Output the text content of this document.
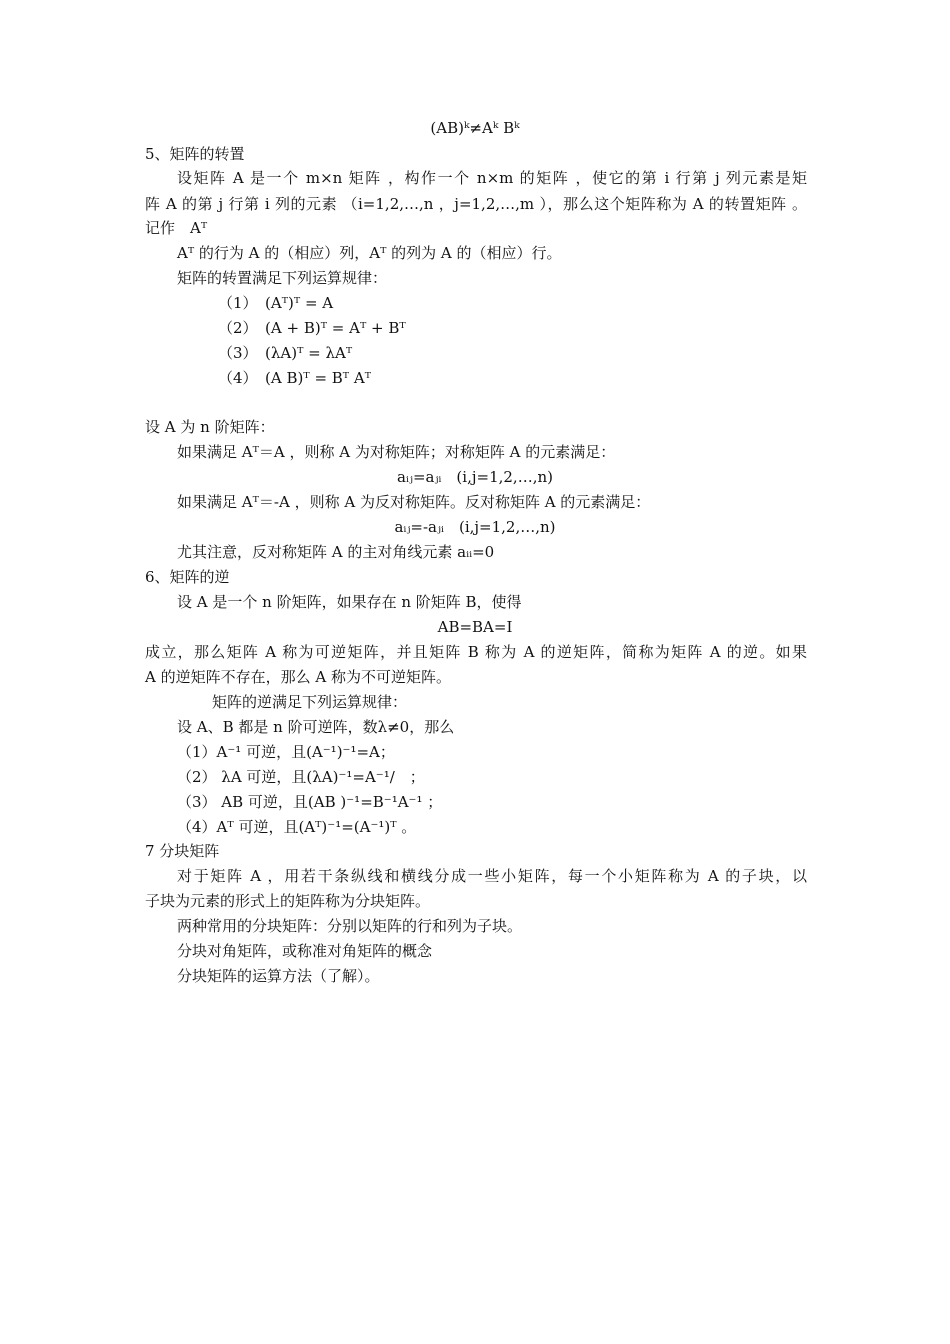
(AB)ᵏ≠Aᵏ Bᵏ
5、矩阵的转置
设矩阵 A 是一个 m×n 矩阵 ，构作一个 n×m 的矩阵 ，使它的第 i 行第 j 列元素是矩
阵 A 的第 j 行第 i 列的元素 （i=1,2,…,n ，j=1,2,…,m ），那么这个矩阵称为 A 的转置矩阵 。
记作　Aᵀ
Aᵀ 的行为 A 的（相应）列，Aᵀ 的列为 A 的（相应）行。
矩阵的转置满足下列运算规律：
（1）　(Aᵀ)ᵀ = A
（2）　(A + B)ᵀ = Aᵀ + Bᵀ
（3）　(λA)ᵀ = λAᵀ
（4）　(A B)ᵀ = Bᵀ Aᵀ
设 A 为 n 阶矩阵：
如果满足 Aᵀ＝A ，则称 A 为对称矩阵；对称矩阵 A 的元素满足：
aᵢⱼ=aⱼᵢ　(i,j=1,2,…,n)
如果满足 Aᵀ＝-A ，则称 A 为反对称矩阵。反对称矩阵 A 的元素满足：
aᵢⱼ=-aⱼᵢ　(i,j=1,2,…,n)
尤其注意，反对称矩阵 A 的主对角线元素 aᵢᵢ=0
6、矩阵的逆
设 A 是一个 n 阶矩阵，如果存在 n 阶矩阵 B，使得
AB=BA=I
成立，那么矩阵 A 称为可逆矩阵，并且矩阵 B 称为 A 的逆矩阵，简称为矩阵 A 的逆。如果
A 的逆矩阵不存在，那么 A 称为不可逆矩阵。
矩阵的逆满足下列运算规律：
设 A、B 都是 n 阶可逆阵，数λ≠0，那么
（1）A⁻¹ 可逆，且(A⁻¹)⁻¹=A；
（2） λA 可逆，且(λA)⁻¹=A⁻¹/　；
（3） AB 可逆，且(AB )⁻¹=B⁻¹A⁻¹ ；
（4）Aᵀ 可逆，且(Aᵀ)⁻¹=(A⁻¹)ᵀ 。
7 分块矩阵
对于矩阵 A ，用若干条纵线和横线分成一些小矩阵，每一个小矩阵称为 A 的子块，以
子块为元素的形式上的矩阵称为分块矩阵。
两种常用的分块矩阵：分别以矩阵的行和列为子块。
分块对角矩阵，或称准对角矩阵的概念
分块矩阵的运算方法（了解）。
